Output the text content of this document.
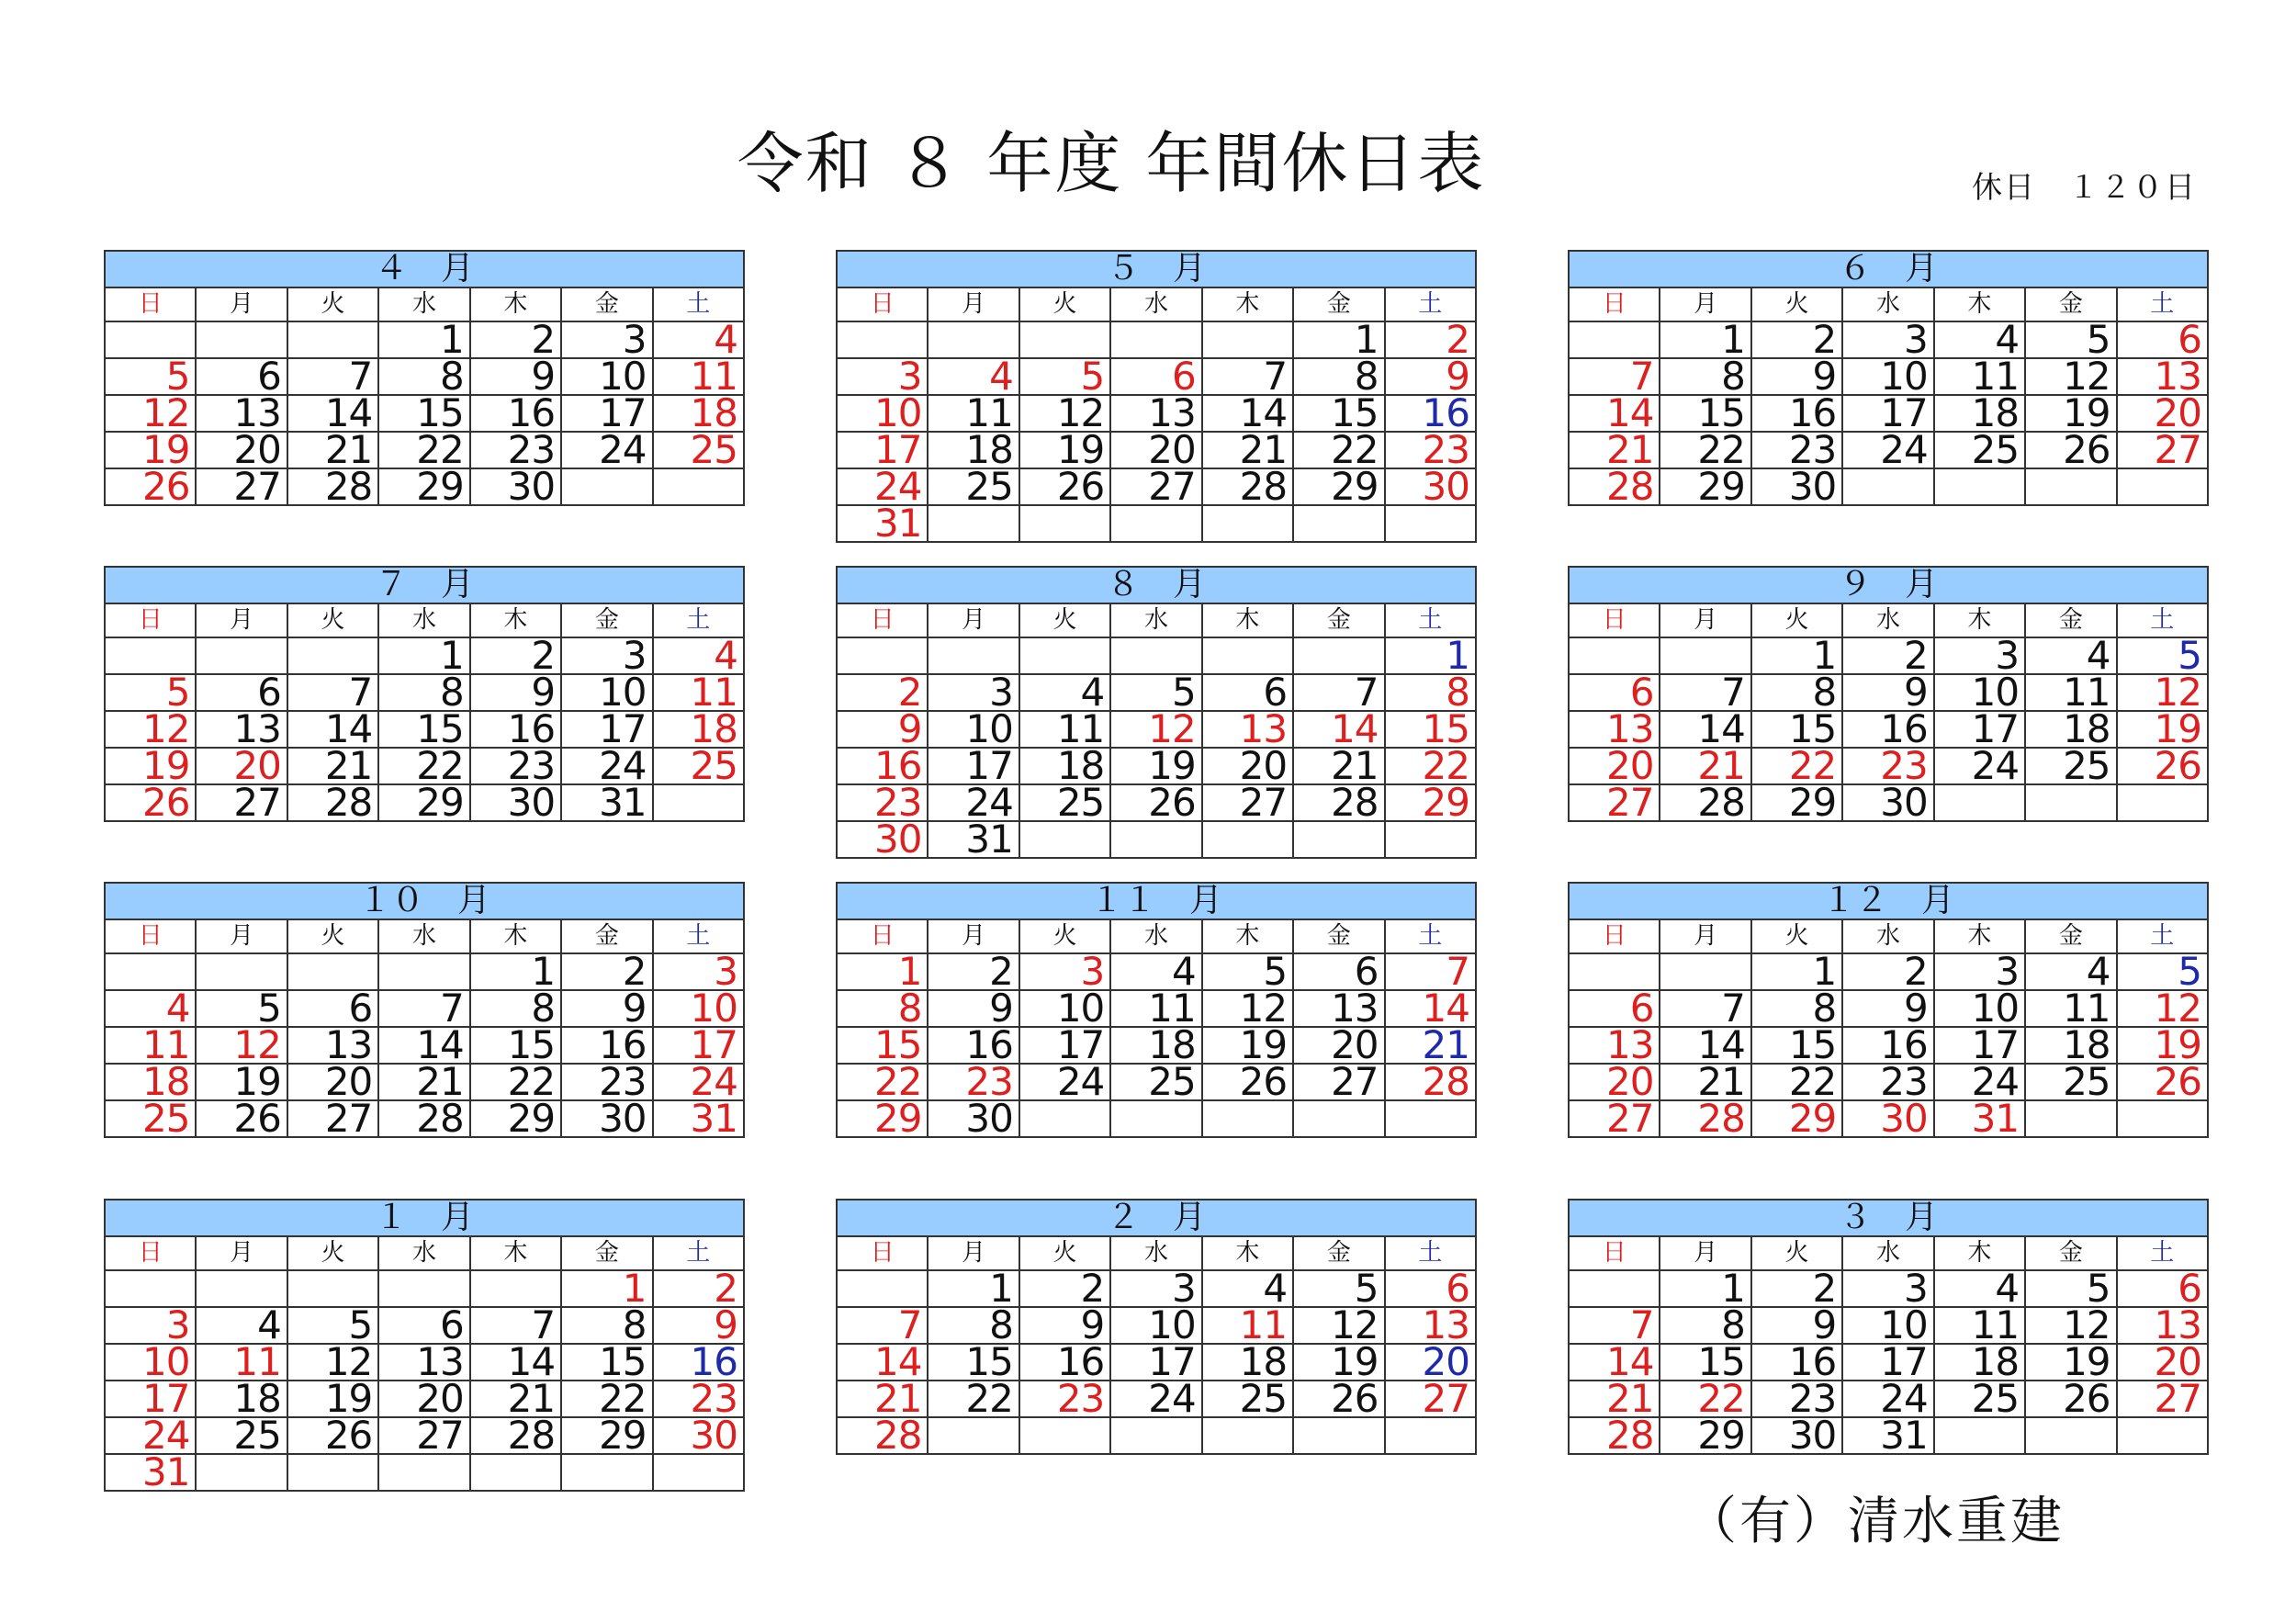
令和 ８ 年度 年間休日表	休日　１２０日
４　月						
日	月	火	水	木	金	土
			1	2	3	4
5	6	7	8	9	10	11
12	13	14	15	16	17	18
19	20	21	22	23	24	25
26	27	28	29	30		
５　月						
日	月	火	水	木	金	土
					1	2
3	4	5	6	7	8	9
10	11	12	13	14	15	16
17	18	19	20	21	22	23
24	25	26	27	28	29	30
31						
６　月						
日	月	火	水	木	金	土
	1	2	3	4	5	6
7	8	9	10	11	12	13
14	15	16	17	18	19	20
21	22	23	24	25	26	27
28	29	30				
７　月						
日	月	火	水	木	金	土
			1	2	3	4
5	6	7	8	9	10	11
12	13	14	15	16	17	18
19	20	21	22	23	24	25
26	27	28	29	30	31	
８　月						
日	月	火	水	木	金	土
						1
2	3	4	5	6	7	8
9	10	11	12	13	14	15
16	17	18	19	20	21	22
23	24	25	26	27	28	29
30	31					
９　月						
日	月	火	水	木	金	土
		1	2	3	4	5
6	7	8	9	10	11	12
13	14	15	16	17	18	19
20	21	22	23	24	25	26
27	28	29	30			
１０　月						
日	月	火	水	木	金	土
				1	2	3
4	5	6	7	8	9	10
11	12	13	14	15	16	17
18	19	20	21	22	23	24
25	26	27	28	29	30	31
１１　月						
日	月	火	水	木	金	土
1	2	3	4	5	6	7
8	9	10	11	12	13	14
15	16	17	18	19	20	21
22	23	24	25	26	27	28
29	30					
１２　月						
日	月	火	水	木	金	土
		1	2	3	4	5
6	7	8	9	10	11	12
13	14	15	16	17	18	19
20	21	22	23	24	25	26
27	28	29	30	31		
１　月						
日	月	火	水	木	金	土
					1	2
3	4	5	6	7	8	9
10	11	12	13	14	15	16
17	18	19	20	21	22	23
24	25	26	27	28	29	30
31						
２　月						
日	月	火	水	木	金	土
	1	2	3	4	5	6
7	8	9	10	11	12	13
14	15	16	17	18	19	20
21	22	23	24	25	26	27
28						
３　月						
日	月	火	水	木	金	土
	1	2	3	4	5	6
7	8	9	10	11	12	13
14	15	16	17	18	19	20
21	22	23	24	25	26	27
28	29	30	31			
（有）清水重建
